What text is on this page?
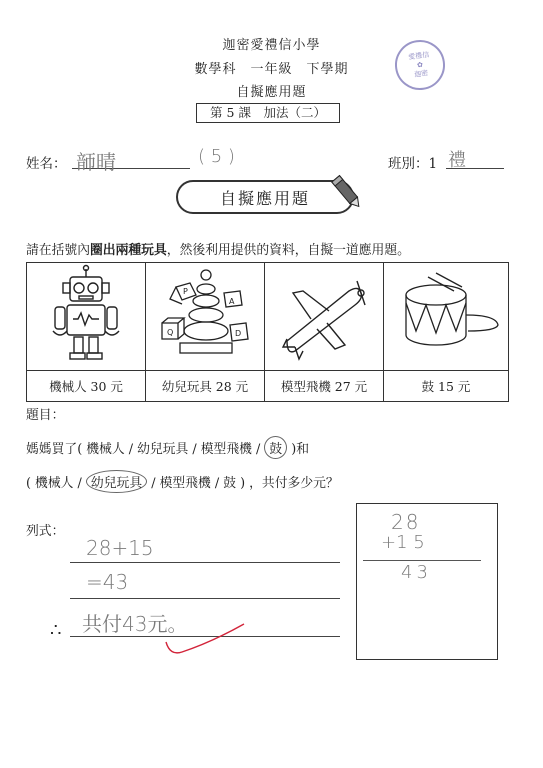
迦密愛禮信小學
數學科　一年級　下學期
自擬應用題
第 5 課　加法（二）
愛禮信
✿
迦密
姓名： 韴晴	( 5 )	班別：1 禮
自擬應用題
請在括號內圈出兩種玩具，然後利用提供的資料，自擬一道應用題。

P
A
Q D

機械人 30 元	幼兒玩具 28 元	模型飛機 27 元	鼓 15 元
題目：
媽媽買了( 機械人 / 幼兒玩具 / 模型飛機 / 鼓 )和
( 機械人 / 幼兒玩具 / 模型飛機 / 鼓 ) ，共付多少元？
列式：
28+15
=43
∴ 共付43元。
28
+1 5
43
